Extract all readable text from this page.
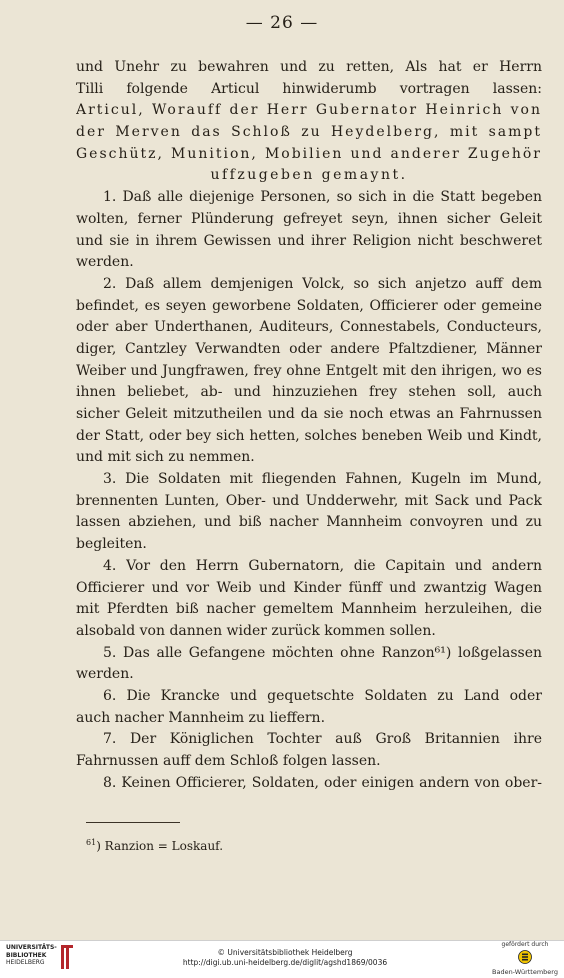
— 26 —
und Unehr zu bewahren und zu retten, Als hat er Herrn
Tilli folgende Articul hinwiderumb vortragen lassen:
Articul, Worauff der Herr Gubernator Heinrich von
der Merven das Schloß zu Heydelberg, mit sampt
Geschütz, Munition, Mobilien und anderer Zugehör
uffzugeben gemaynt.
1. Daß alle diejenige Personen, so sich in die Statt begeben
wolten, ferner Plünderung gefreyet seyn, ihnen sicher Geleit
und sie in ihrem Gewissen und ihrer Religion nicht beschweret
werden.
2. Daß allem demjenigen Volck, so sich anjetzo auff dem
befindet, es seyen geworbene Soldaten, Officierer oder gemeine
oder aber Underthanen, Auditeurs, Connestabels, Conducteurs,
diger, Cantzley Verwandten oder andere Pfaltzdiener, Männer
Weiber und Jungfrawen, frey ohne Entgelt mit den ihrigen, wo es
ihnen beliebet, ab- und hinzuziehen frey stehen soll, auch
sicher Geleit mitzutheilen und da sie noch etwas an Fahrnussen
der Statt, oder bey sich hetten, solches beneben Weib und Kindt,
und mit sich zu nemmen.
3. Die Soldaten mit fliegenden Fahnen, Kugeln im Mund,
brennenten Lunten, Ober- und Undderwehr, mit Sack und Pack
lassen abziehen, und biß nacher Mannheim convoyren und zu
begleiten.
4. Vor den Herrn Gubernatorn, die Capitain und andern
Officierer und vor Weib und Kinder fünff und zwantzig Wagen
mit Pferdten biß nacher gemeltem Mannheim herzuleihen, die
alsobald von dannen wider zurück kommen sollen.
5. Das alle Gefangene möchten ohne Ranzon⁶¹) loßgelassen
werden.
6. Die Krancke und gequetschte Soldaten zu Land oder
auch nacher Mannheim zu lieffern.
7. Der Königlichen Tochter auß Groß Britannien ihre
Fahrnussen auff dem Schloß folgen lassen.
8. Keinen Officierer, Soldaten, oder einigen andern von ober-
$^{61}$) Ranzion = Loskauf.
UNIVERSITÄTS-
BIBLIOTHEK
HEIDELBERG
© Universitätsbibliothek Heidelberg
http://digi.ub.uni-heidelberg.de/diglit/agshd1869/0036
gefördert durch
Baden-Württemberg
